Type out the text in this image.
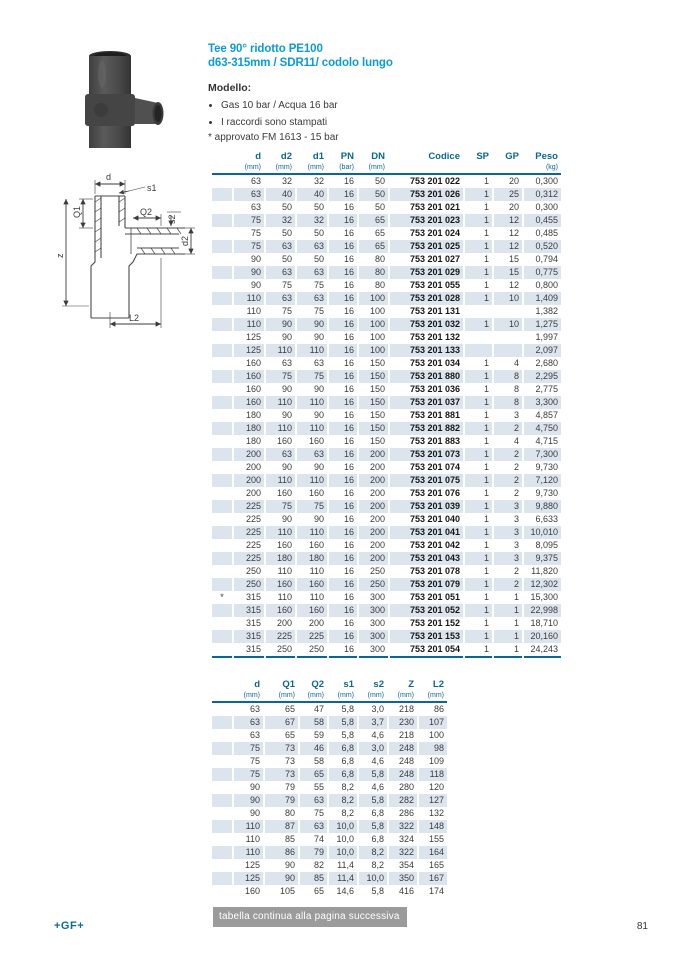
d
s1
Q1
z
Q2
s2
d2
L2
Tee 90° ridotto PE100
d63-315mm / SDR11/ codolo lungo
Modello:
• Gas 10 bar / Acqua 16 bar
• I raccordi sono stampati
* approvato FM 1613 - 15 bar
	d	d2	d1	PN	DN	Codice	SP	GP	Peso
	(mm)	(mm)	(mm)	(bar)	(mm)				(kg)
	63	32	32	16	50	753 201 022	1	20	0,300
	63	40	40	16	50	753 201 026	1	25	0,312
	63	50	50	16	50	753 201 021	1	20	0,300
	75	32	32	16	65	753 201 023	1	12	0,455
	75	50	50	16	65	753 201 024	1	12	0,485
	75	63	63	16	65	753 201 025	1	12	0,520
	90	50	50	16	80	753 201 027	1	15	0,794
	90	63	63	16	80	753 201 029	1	15	0,775
	90	75	75	16	80	753 201 055	1	12	0,800
	110	63	63	16	100	753 201 028	1	10	1,409
	110	75	75	16	100	753 201 131			1,382
	110	90	90	16	100	753 201 032	1	10	1,275
	125	90	90	16	100	753 201 132			1,997
	125	110	110	16	100	753 201 133			2,097
	160	63	63	16	150	753 201 034	1	4	2,680
	160	75	75	16	150	753 201 880	1	8	2,295
	160	90	90	16	150	753 201 036	1	8	2,775
	160	110	110	16	150	753 201 037	1	8	3,300
	180	90	90	16	150	753 201 881	1	3	4,857
	180	110	110	16	150	753 201 882	1	2	4,750
	180	160	160	16	150	753 201 883	1	4	4,715
	200	63	63	16	200	753 201 073	1	2	7,300
	200	90	90	16	200	753 201 074	1	2	9,730
	200	110	110	16	200	753 201 075	1	2	7,120
	200	160	160	16	200	753 201 076	1	2	9,730
	225	75	75	16	200	753 201 039	1	3	9,880
	225	90	90	16	200	753 201 040	1	3	6,633
	225	110	110	16	200	753 201 041	1	3	10,010
	225	160	160	16	200	753 201 042	1	3	8,095
	225	180	180	16	200	753 201 043	1	3	9,375
	250	110	110	16	250	753 201 078	1	2	11,820
	250	160	160	16	250	753 201 079	1	2	12,302
*	315	110	110	16	300	753 201 051	1	1	15,300
	315	160	160	16	300	753 201 052	1	1	22,998
	315	200	200	16	300	753 201 152	1	1	18,710
	315	225	225	16	300	753 201 153	1	1	20,160
	315	250	250	16	300	753 201 054	1	1	24,243
	d	Q1	Q2	s1	s2	Z	L2
	(mm)	(mm)	(mm)	(mm)	(mm)	(mm)	(mm)
	63	65	47	5,8	3,0	218	86
	63	67	58	5,8	3,7	230	107
	63	65	59	5,8	4,6	218	100
	75	73	46	6,8	3,0	248	98
	75	73	58	6,8	4,6	248	109
	75	73	65	6,8	5,8	248	118
	90	79	55	8,2	4,6	280	120
	90	79	63	8,2	5,8	282	127
	90	80	75	8,2	6,8	286	132
	110	87	63	10,0	5,8	322	148
	110	85	74	10,0	6,8	324	155
	110	86	79	10,0	8,2	322	164
	125	90	82	11,4	8,2	354	165
	125	90	85	11,4	10,0	350	167
	160	105	65	14,6	5,8	416	174
tabella continua alla pagina successiva
+GF+	81
